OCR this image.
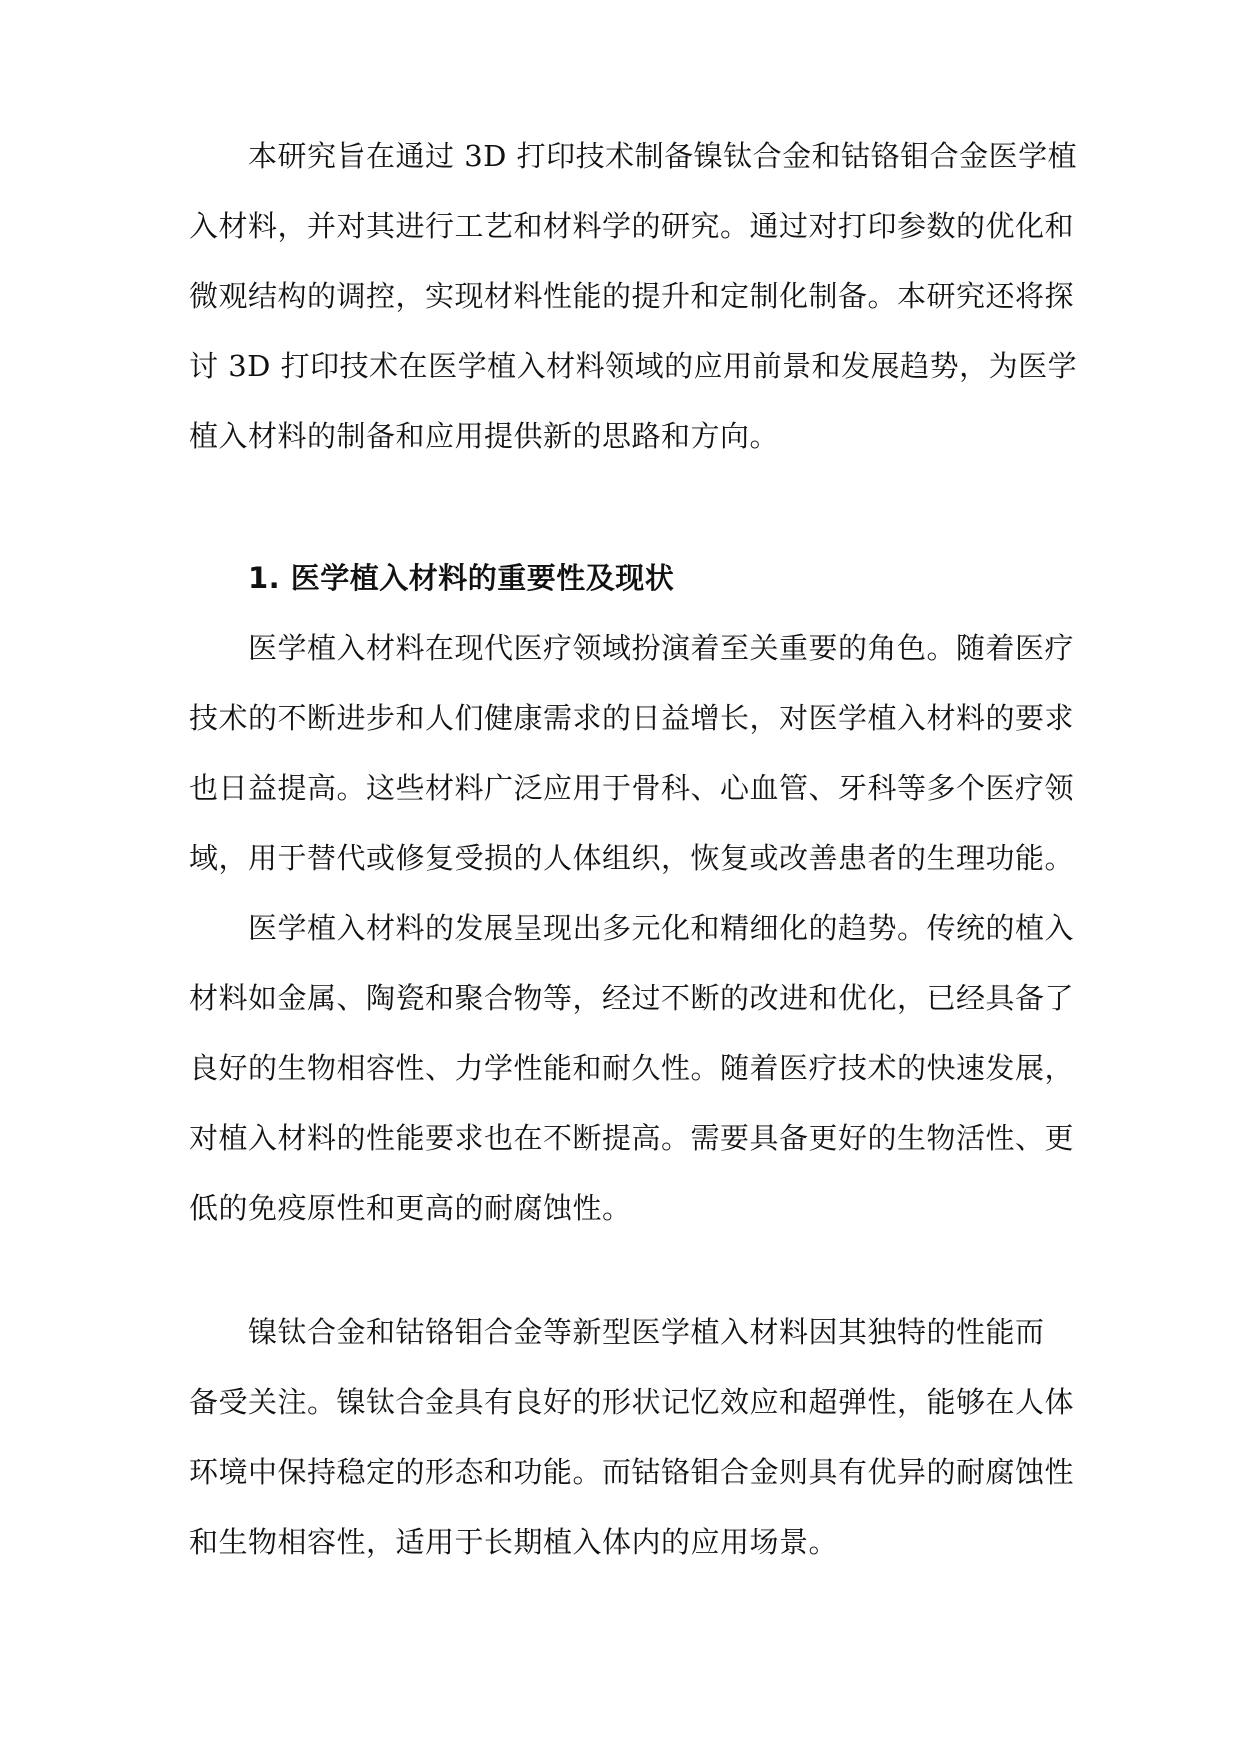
本研究旨在通过 3D 打印技术制备镍钛合金和钴铬钼合金医学植
入材料，并对其进行工艺和材料学的研究。通过对打印参数的优化和
微观结构的调控，实现材料性能的提升和定制化制备。本研究还将探
讨 3D 打印技术在医学植入材料领域的应用前景和发展趋势，为医学
植入材料的制备和应用提供新的思路和方向。
1. 医学植入材料的重要性及现状
医学植入材料在现代医疗领域扮演着至关重要的角色。随着医疗
技术的不断进步和人们健康需求的日益增长，对医学植入材料的要求
也日益提高。这些材料广泛应用于骨科、心血管、牙科等多个医疗领
域，用于替代或修复受损的人体组织，恢复或改善患者的生理功能。
医学植入材料的发展呈现出多元化和精细化的趋势。传统的植入
材料如金属、陶瓷和聚合物等，经过不断的改进和优化，已经具备了
良好的生物相容性、力学性能和耐久性。随着医疗技术的快速发展，
对植入材料的性能要求也在不断提高。需要具备更好的生物活性、更
低的免疫原性和更高的耐腐蚀性。
镍钛合金和钴铬钼合金等新型医学植入材料因其独特的性能而
备受关注。镍钛合金具有良好的形状记忆效应和超弹性，能够在人体
环境中保持稳定的形态和功能。而钴铬钼合金则具有优异的耐腐蚀性
和生物相容性，适用于长期植入体内的应用场景。
